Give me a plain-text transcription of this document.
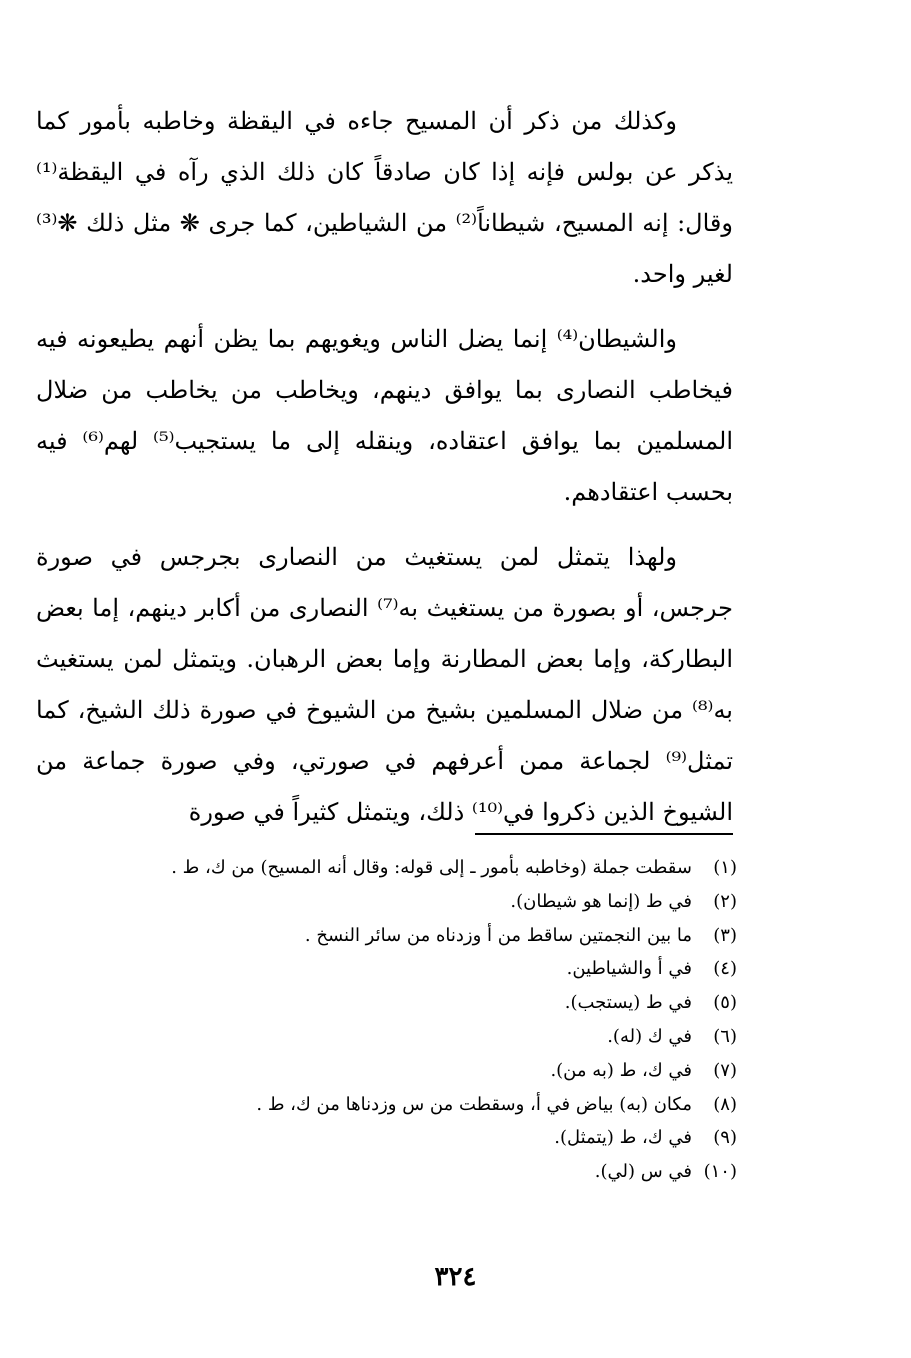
وكذلك من ذكر أن المسيح جاءه في اليقظة وخاطبه بأمور كما يذكر عن بولس فإنه إذا كان صادقاً كان ذلك الذي رآه في اليقظة⁽¹⁾ وقال: إنه المسيح، شيطاناً⁽²⁾ من الشياطين، كما جرى ❋ مثل ذلك ❋⁽³⁾ لغير واحد.

والشيطان⁽⁴⁾ إنما يضل الناس ويغويهم بما يظن أنهم يطيعونه فيه فيخاطب النصارى بما يوافق دينهم، ويخاطب من يخاطب من ضلال المسلمين بما يوافق اعتقاده، وينقله إلى ما يستجيب⁽⁵⁾ لهم⁽⁶⁾ فيه بحسب اعتقادهم.

ولهذا يتمثل لمن يستغيث من النصارى بجرجس في صورة جرجس، أو بصورة من يستغيث به⁽⁷⁾ النصارى من أكابر دينهم، إما بعض البطاركة، وإما بعض المطارنة وإما بعض الرهبان. ويتمثل لمن يستغيث به⁽⁸⁾ من ضلال المسلمين بشيخ من الشيوخ في صورة ذلك الشيخ، كما تمثل⁽⁹⁾ لجماعة ممن أعرفهم في صورتي، وفي صورة جماعة من الشيوخ الذين ذكروا في⁽¹⁰⁾ ذلك، ويتمثل كثيراً في صورة

(١)
سقطت جملة (وخاطبه بأمور ـ إلى قوله: وقال أنه المسيح) من ك، ط .
(٢)
في ط (إنما هو شيطان).
(٣)
ما بين النجمتين ساقط من أ وزدناه من سائر النسخ .
(٤)
في أ والشياطين.
(٥)
في ط (يستجب).
(٦)
في ك (له).
(٧)
في ك، ط (به من).
(٨)
مكان (به) بياض في أ، وسقطت من س وزدناها من ك، ط .
(٩)
في ك، ط (يتمثل).
(١٠)
في س (لي).
٣٢٤
